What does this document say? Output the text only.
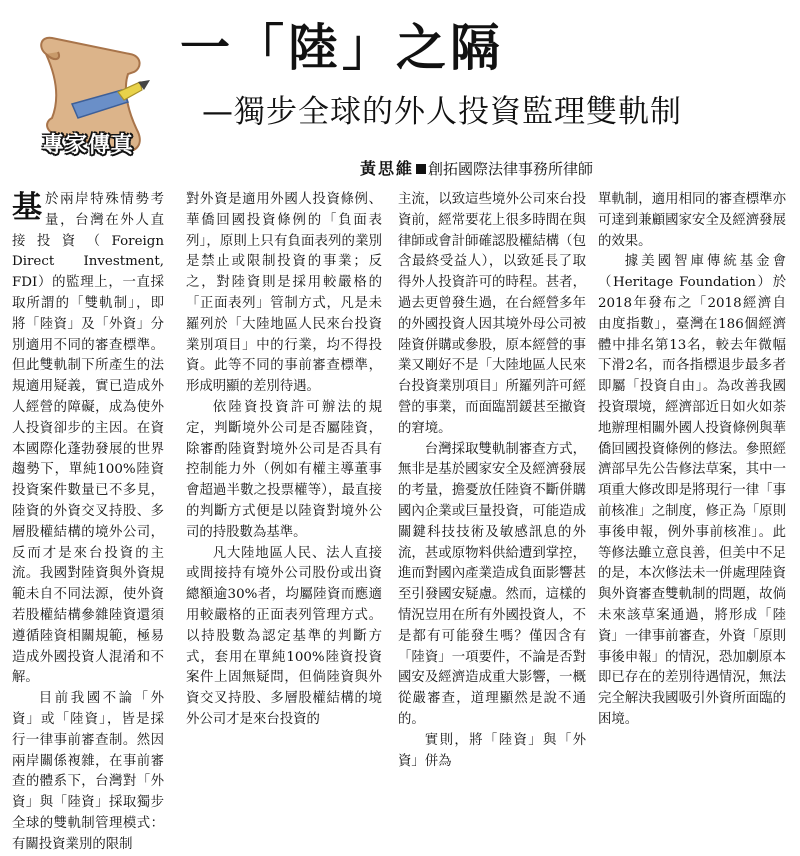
專家傳真
一「陸」之隔
—獨步全球的外人投資監理雙軌制
黃思維 創拓國際法律事務所律師

基於兩岸特殊情勢考量，台灣在外人直接投資（Foreign Direct Investment, FDI）的監理上，一直採取所謂的「雙軌制」，即將「陸資」及「外資」分別適用不同的審查標準。但此雙軌制下所產生的法規適用疑義，實已造成外人經營的障礙，成為使外人投資卻步的主因。在資本國際化蓬勃發展的世界趨勢下，單純100%陸資投資案件數量已不多見，陸資的外資交叉持股、多層股權結構的境外公司，反而才是來台投資的主流。我國對陸資與外資規範未自不同法源，使外資若股權結構參雜陸資還須遵循陸資相關規範，極易造成外國投資人混淆和不解。

目前我國不論「外資」或「陸資」，皆是採行一律事前審查制。然因兩岸關係複雜，在事前審查的體系下，台灣對「外資」與「陸資」採取獨步全球的雙軌制管理模式：有關投資業別的限制

對外資是適用外國人投資條例、華僑回國投資條例的「負面表列」，原則上只有負面表列的業別是禁止或限制投資的事業；反之，對陸資則是採用較嚴格的「正面表列」管制方式，凡是未羅列於「大陸地區人民來台投資業別項目」中的行業，均不得投資。此等不同的事前審查標準，形成明顯的差別待遇。

依陸資投資許可辦法的規定，判斷境外公司是否屬陸資，除審酌陸資對境外公司是否具有控制能力外（例如有權主導董事會超過半數之投票權等），最直接的判斷方式便是以陸資對境外公司的持股數為基準。

凡大陸地區人民、法人直接或間接持有境外公司股份或出資總額逾30%者，均屬陸資而應適用較嚴格的正面表列管理方式。以持股數為認定基準的判斷方式，套用在單純100%陸資投資案件上固無疑問，但倘陸資與外資交叉持股、多層股權結構的境外公司才是來台投資的

主流，以致這些境外公司來台投資前，經常要花上很多時間在與律師或會計師確認股權結構（包含最終受益人），以致延長了取得外人投資許可的時程。甚者，過去更曾發生過，在台經營多年的外國投資人因其境外母公司被陸資併購或參股，原本經營的事業又剛好不是「大陸地區人民來台投資業別項目」所羅列許可經營的事業，而面臨罰鍰甚至撤資的窘境。

台灣採取雙軌制審查方式，無非是基於國家安全及經濟發展的考量，擔憂放任陸資不斷併購國內企業或巨量投資，可能造成關鍵科技技術及敏感訊息的外流，甚或原物料供給遭到掌控，進而對國內產業造成負面影響甚至引發國安疑慮。然而，這樣的情況豈用在所有外國投資人，不是都有可能發生嗎？僅因含有「陸資」一項要件，不論是否對國安及經濟造成重大影響，一概從嚴審查，道理顯然是說不通的。

實則，將「陸資」與「外資」併為

單軌制，適用相同的審查標準亦可達到兼顧國家安全及經濟發展的效果。

據美國智庫傳統基金會（Heritage Foundation）於2018年發布之「2018經濟自由度指數」，臺灣在186個經濟體中排名第13名，較去年微幅下滑2名，而各指標退步最多者即屬「投資自由」。為改善我國投資環境，經濟部近日如火如荼地辦理相關外國人投資條例與華僑回國投資條例的修法。參照經濟部早先公告修法草案，其中一項重大修改即是將現行一律「事前核准」之制度，修正為「原則事後申報，例外事前核准」。此等修法雖立意良善，但美中不足的是，本次修法未一併處理陸資與外資審查雙軌制的問題，故倘未來該草案通過，將形成「陸資」一律事前審查，外資「原則事後申報」的情況，恐加劇原本即已存在的差別待遇情況，無法完全解決我國吸引外資所面臨的困境。
